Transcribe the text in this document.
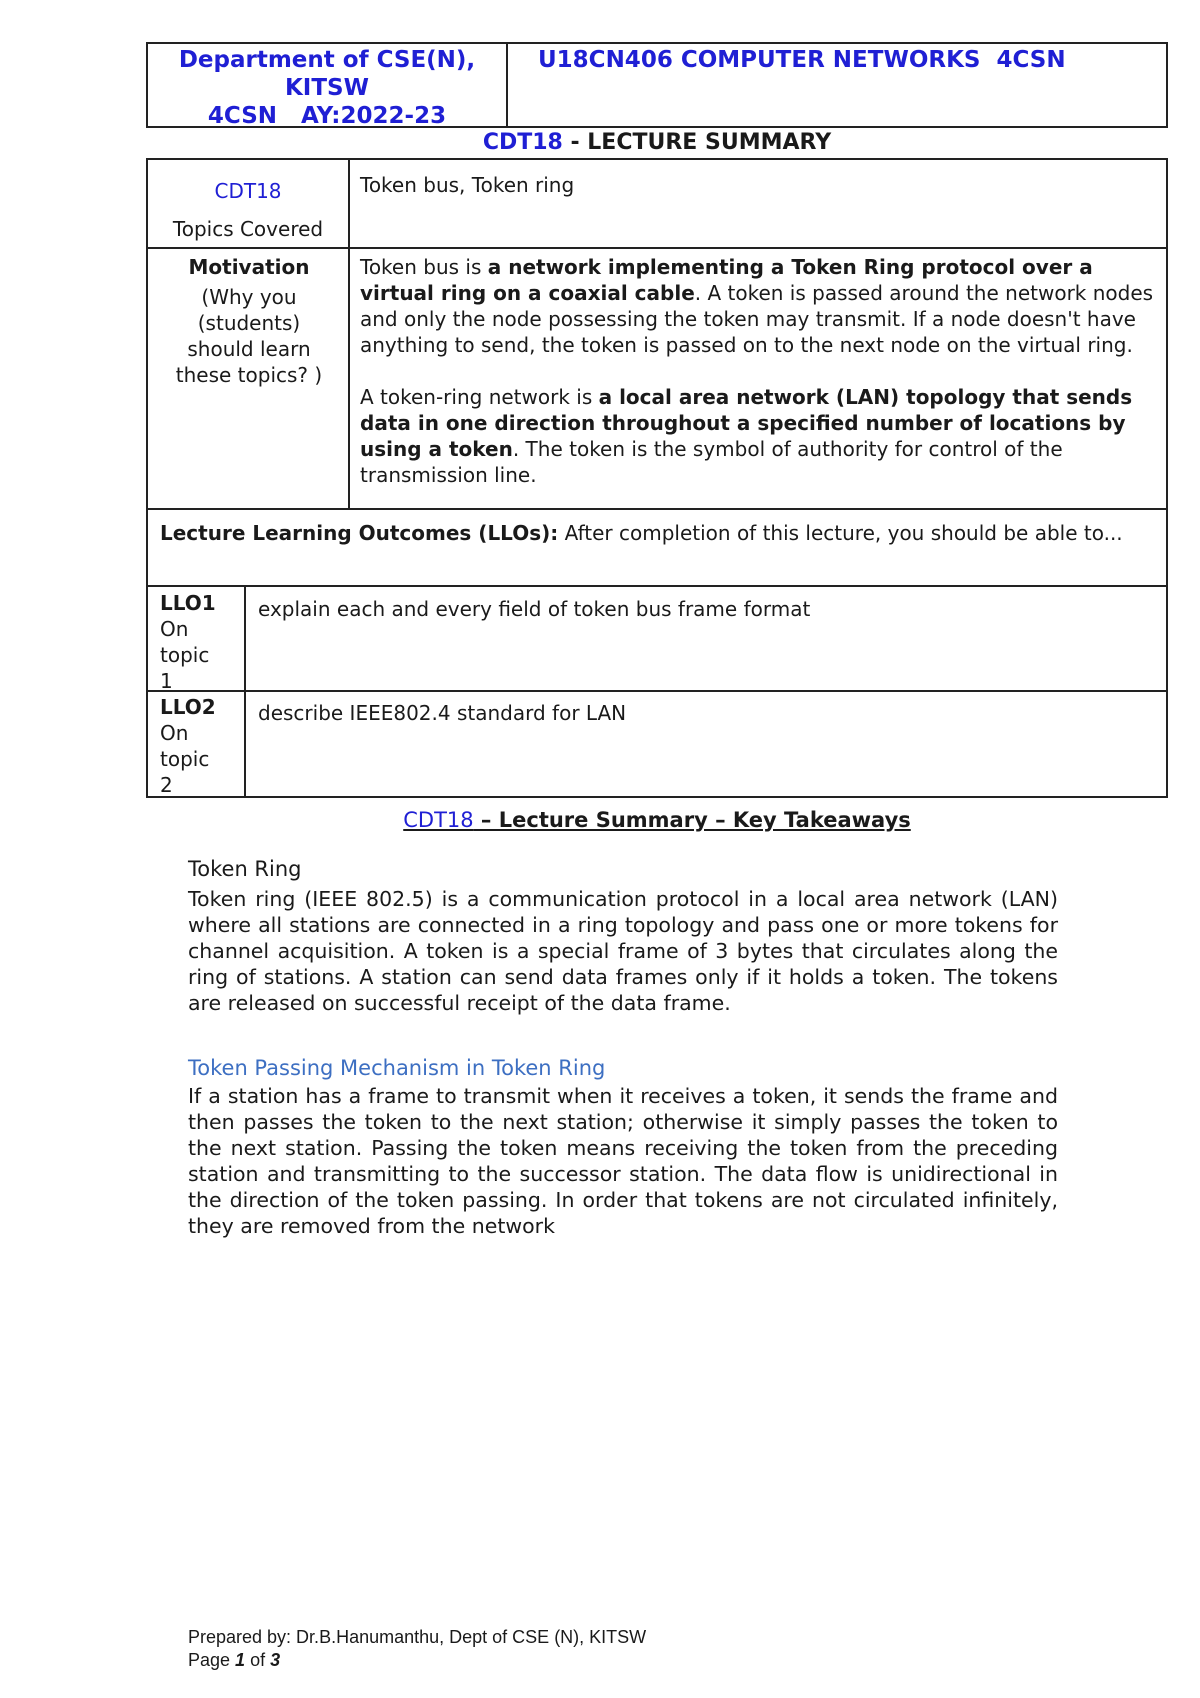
Department of CSE(N),
KITSW
4CSN   AY:2022-23
U18CN406 COMPUTER NETWORKS  4CSN
CDT18 - LECTURE SUMMARY
CDT18
Topics Covered
Token bus, Token ring
Motivation
(Why you (students) should learn these topics? )
Token bus is a network implementing a Token Ring protocol over a virtual ring on a coaxial cable. A token is passed around the network nodes and only the node possessing the token may transmit. If a node doesn't have anything to send, the token is passed on to the next node on the virtual ring.
A token-ring network is a local area network (LAN) topology that sends data in one direction throughout a specified number of locations by using a token. The token is the symbol of authority for control of the transmission line.
Lecture Learning Outcomes (LLOs): After completion of this lecture, you should be able to...
LLO1
On
topic
1
explain each and every field of token bus frame format
LLO2
On
topic
2
describe IEEE802.4 standard for LAN
CDT18 – Lecture Summary – Key Takeaways
Token Ring
Token ring (IEEE 802.5) is a communication protocol in a local area network (LAN) where all stations are connected in a ring topology and pass one or more tokens for channel acquisition. A token is a special frame of 3 bytes that circulates along the ring of stations. A station can send data frames only if it holds a token. The tokens are released on successful receipt of the data frame.
Token Passing Mechanism in Token Ring
If a station has a frame to transmit when it receives a token, it sends the frame and then passes the token to the next station; otherwise it simply passes the token to the next station. Passing the token means receiving the token from the preceding station and transmitting to the successor station. The data flow is unidirectional in the direction of the token passing. In order that tokens are not circulated infinitely, they are removed from the network
Prepared by: Dr.B.Hanumanthu, Dept of CSE (N), KITSW
Page 1 of 3
